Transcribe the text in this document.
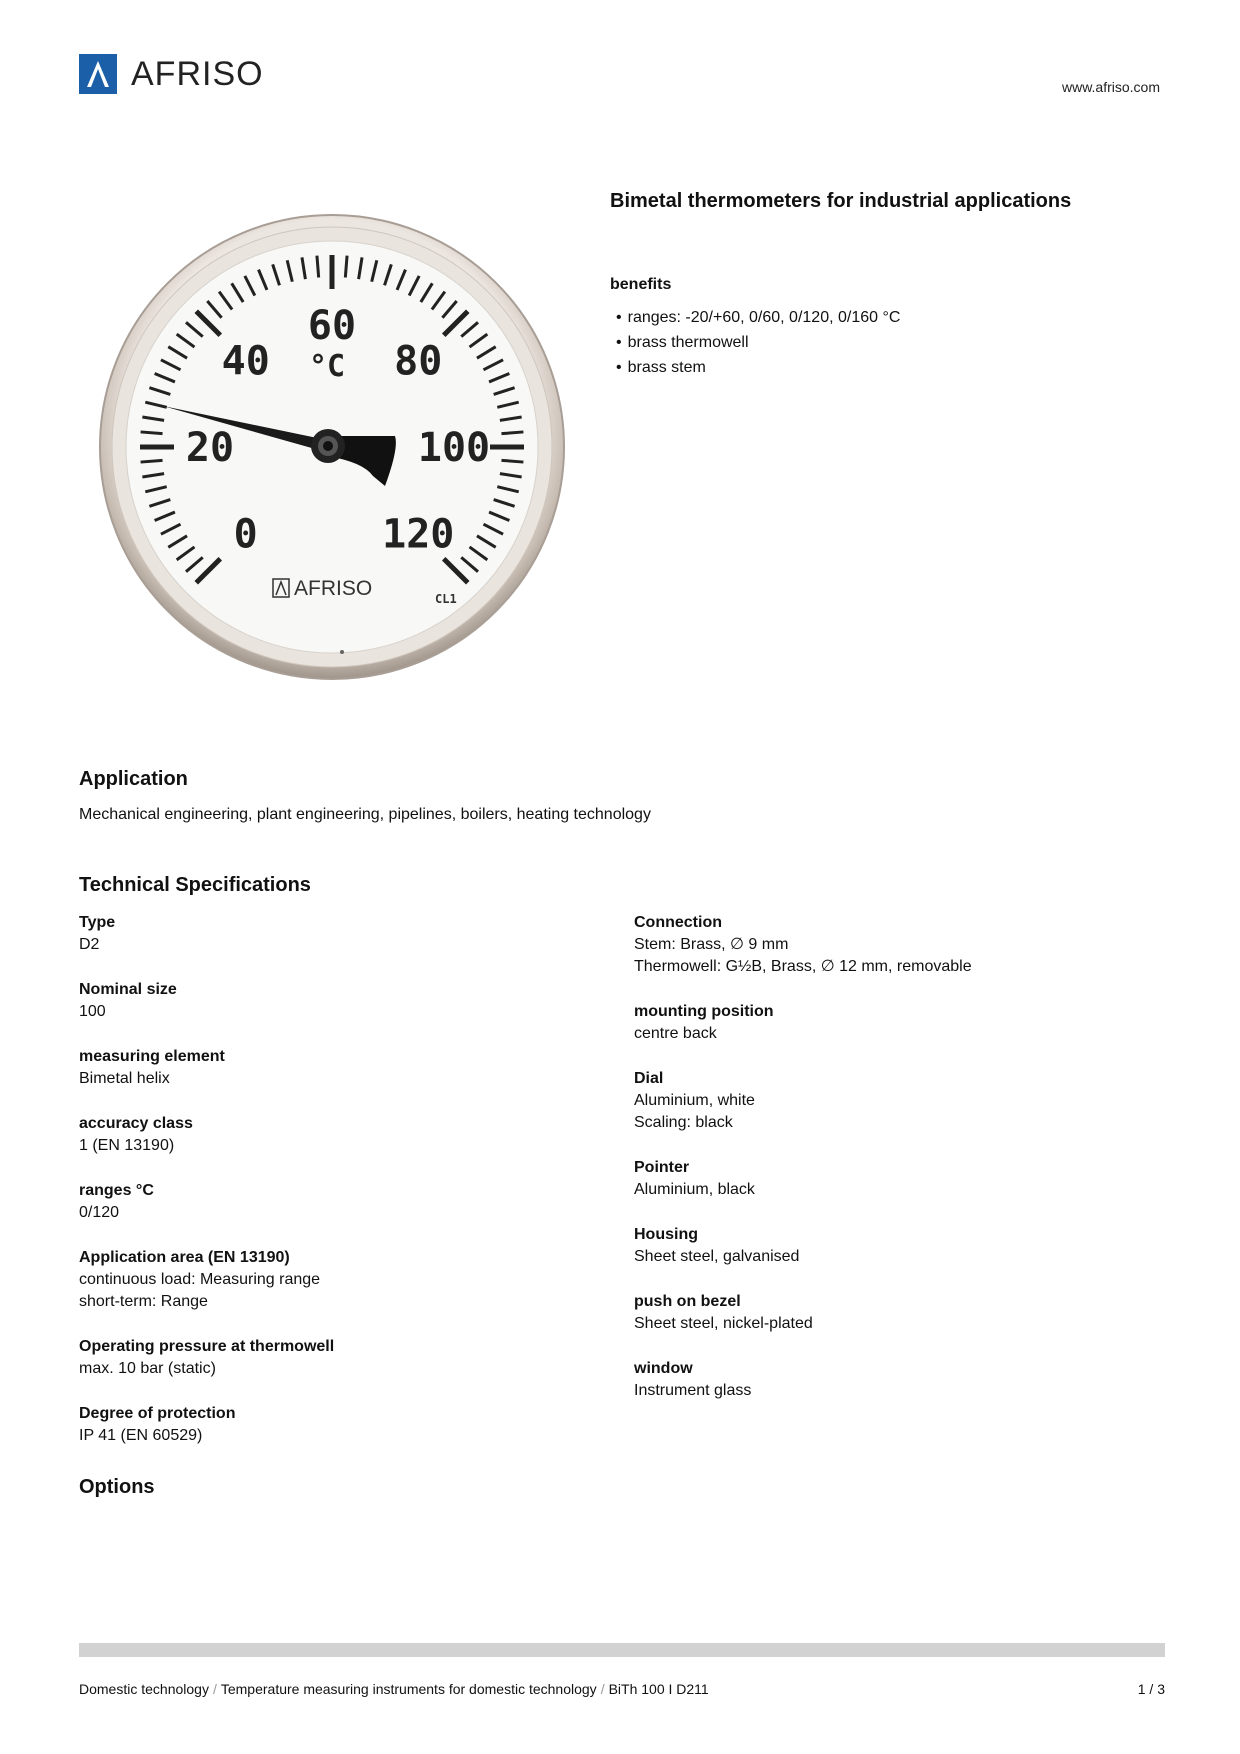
AFRISO	www.afriso.com
Bimetal thermometers for industrial applications
benefits
• ranges: -20/+60, 0/60, 0/120, 0/160 °C
• brass thermowell
• brass stem
0
20
40
60
80
100
120
°C
AFRISO	CL1
Application
Mechanical engineering, plant engineering, pipelines, boilers, heating technology
Technical Specifications
Type
D2
Nominal size
100
measuring element
Bimetal helix
accuracy class
1 (EN 13190)
ranges °C
0/120
Application area (EN 13190)
continuous load: Measuring range
short-term: Range
Operating pressure at thermowell
max. 10 bar (static)
Degree of protection
IP 41 (EN 60529)
Connection
Stem: Brass, ∅ 9 mm
Thermowell: G½B, Brass, ∅ 12 mm, removable
mounting position
centre back
Dial
Aluminium, white
Scaling: black
Pointer
Aluminium, black
Housing
Sheet steel, galvanised
push on bezel
Sheet steel, nickel-plated
window
Instrument glass
Options
Domestic technology / Temperature measuring instruments for domestic technology / BiTh 100 I D211	1 / 3
